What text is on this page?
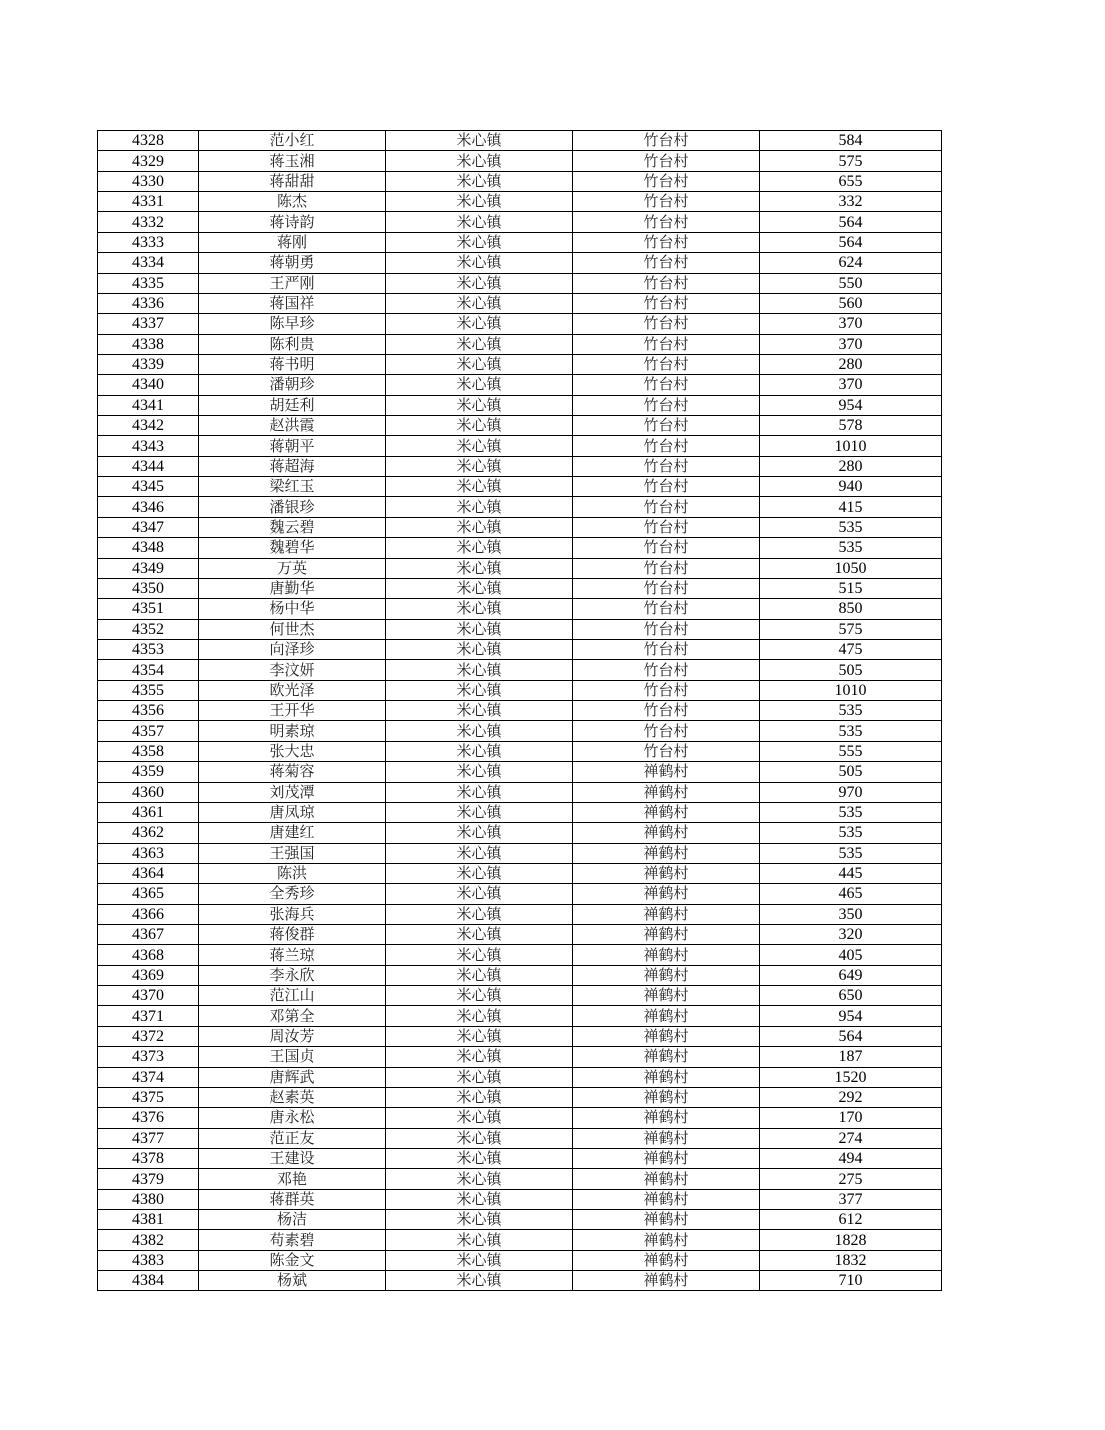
4328	范小红	米心镇	竹台村	584
4329	蒋玉湘	米心镇	竹台村	575
4330	蒋甜甜	米心镇	竹台村	655
4331	陈杰	米心镇	竹台村	332
4332	蒋诗韵	米心镇	竹台村	564
4333	蒋刚	米心镇	竹台村	564
4334	蒋朝勇	米心镇	竹台村	624
4335	王严刚	米心镇	竹台村	550
4336	蒋国祥	米心镇	竹台村	560
4337	陈早珍	米心镇	竹台村	370
4338	陈利贵	米心镇	竹台村	370
4339	蒋书明	米心镇	竹台村	280
4340	潘朝珍	米心镇	竹台村	370
4341	胡廷利	米心镇	竹台村	954
4342	赵洪霞	米心镇	竹台村	578
4343	蒋朝平	米心镇	竹台村	1010
4344	蒋超海	米心镇	竹台村	280
4345	梁红玉	米心镇	竹台村	940
4346	潘银珍	米心镇	竹台村	415
4347	魏云碧	米心镇	竹台村	535
4348	魏碧华	米心镇	竹台村	535
4349	万英	米心镇	竹台村	1050
4350	唐勤华	米心镇	竹台村	515
4351	杨中华	米心镇	竹台村	850
4352	何世杰	米心镇	竹台村	575
4353	向泽珍	米心镇	竹台村	475
4354	李汶妍	米心镇	竹台村	505
4355	欧光泽	米心镇	竹台村	1010
4356	王开华	米心镇	竹台村	535
4357	明素琼	米心镇	竹台村	535
4358	张大忠	米心镇	竹台村	555
4359	蒋菊容	米心镇	禅鹤村	505
4360	刘茂潭	米心镇	禅鹤村	970
4361	唐凤琼	米心镇	禅鹤村	535
4362	唐建红	米心镇	禅鹤村	535
4363	王强国	米心镇	禅鹤村	535
4364	陈洪	米心镇	禅鹤村	445
4365	全秀珍	米心镇	禅鹤村	465
4366	张海兵	米心镇	禅鹤村	350
4367	蒋俊群	米心镇	禅鹤村	320
4368	蒋兰琼	米心镇	禅鹤村	405
4369	李永欣	米心镇	禅鹤村	649
4370	范江山	米心镇	禅鹤村	650
4371	邓第全	米心镇	禅鹤村	954
4372	周汝芳	米心镇	禅鹤村	564
4373	王国贞	米心镇	禅鹤村	187
4374	唐辉武	米心镇	禅鹤村	1520
4375	赵素英	米心镇	禅鹤村	292
4376	唐永松	米心镇	禅鹤村	170
4377	范正友	米心镇	禅鹤村	274
4378	王建设	米心镇	禅鹤村	494
4379	邓艳	米心镇	禅鹤村	275
4380	蒋群英	米心镇	禅鹤村	377
4381	杨洁	米心镇	禅鹤村	612
4382	苟素碧	米心镇	禅鹤村	1828
4383	陈金文	米心镇	禅鹤村	1832
4384	杨斌	米心镇	禅鹤村	710
